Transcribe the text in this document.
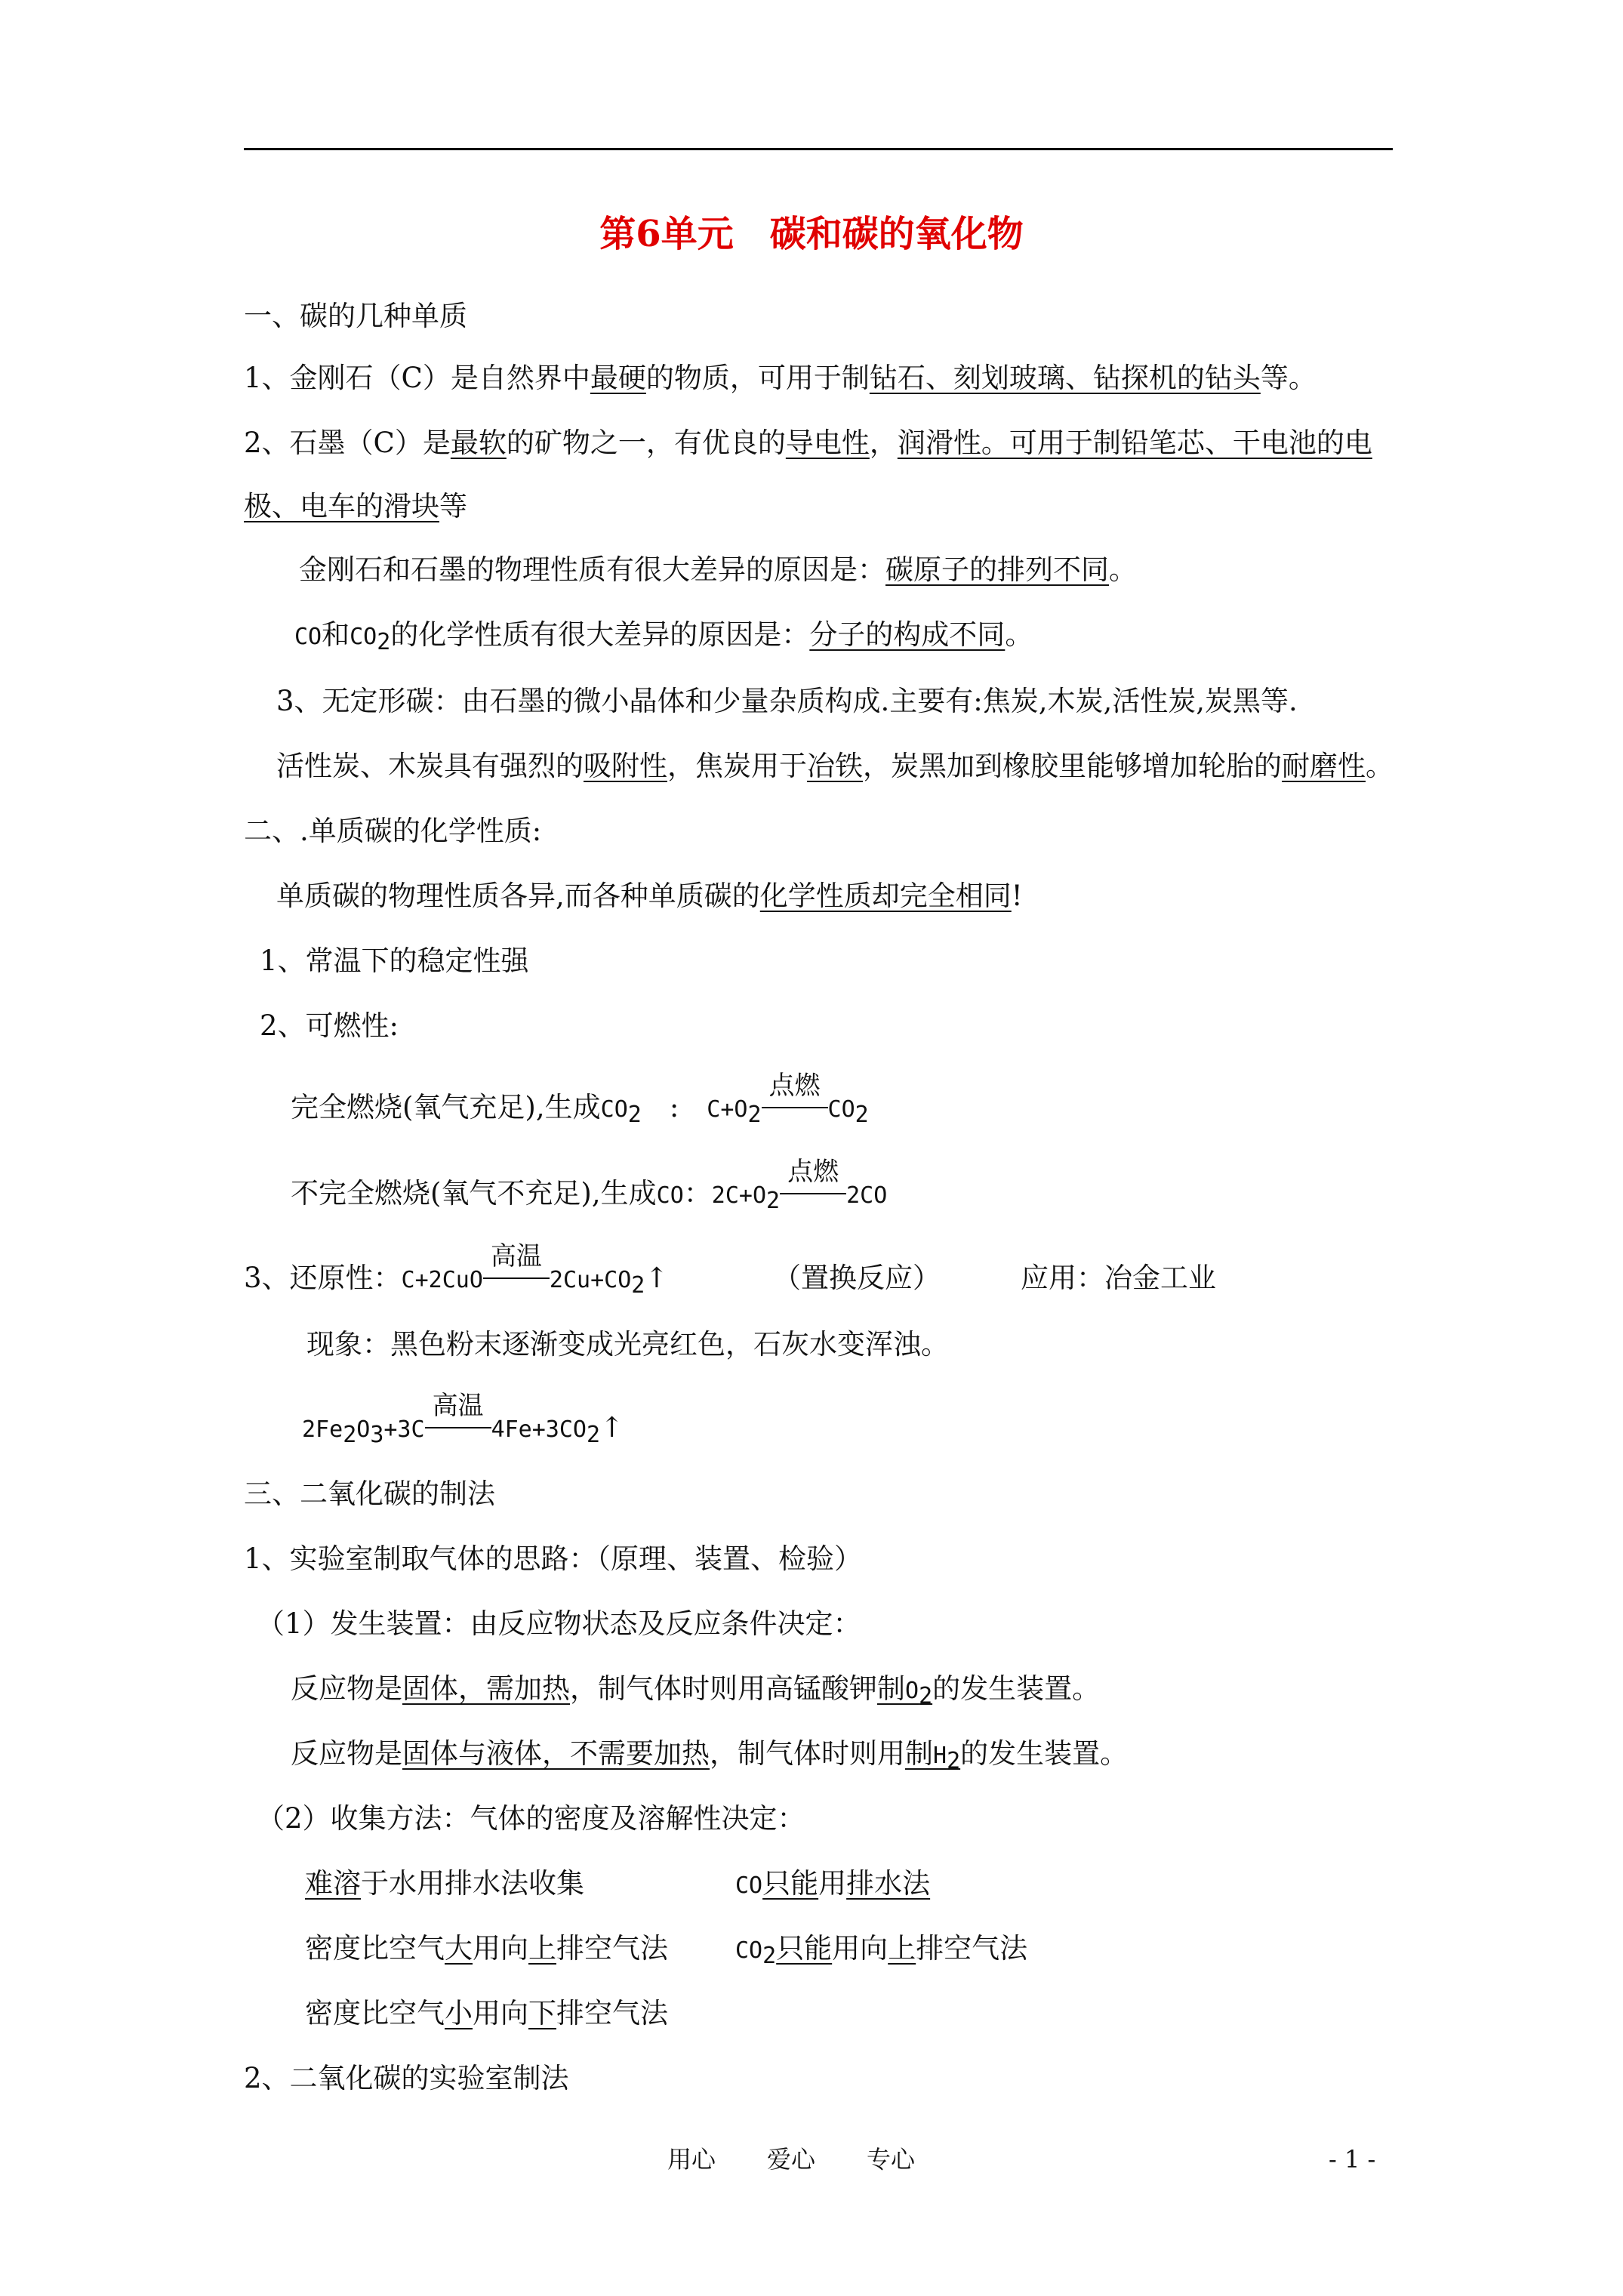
第6单元　碳和碳的氧化物
一、碳的几种单质
1、金刚石（C）是自然界中最硬的物质，可用于制钻石、刻划玻璃、钻探机的钻头等。
2、石墨（C）是最软的矿物之一，有优良的导电性，润滑性。可用于制铅笔芯、干电池的电
极、电车的滑块等
金刚石和石墨的物理性质有很大差异的原因是：碳原子的排列不同。
CO和$CO_2$的化学性质有很大差异的原因是：分子的构成不同。
3、无定形碳：由石墨的微小晶体和少量杂质构成.主要有:焦炭,木炭,活性炭,炭黑等.
活性炭、木炭具有强烈的吸附性，焦炭用于冶铁，炭黑加到橡胶里能够增加轮胎的耐磨性。
二、.单质碳的化学性质:
单质碳的物理性质各异,而各种单质碳的化学性质却完全相同!
1、常温下的稳定性强
2、可燃性:
完全燃烧(氧气充足),生成$CO_2$　:　$C+O_2$
点燃
$CO_2$
不完全燃烧(氧气不充足),生成CO：$2C+O_2$
点燃
2CO
3、还原性：C+2CuO
高温
$2Cu+CO_2↑$	（置换反应）	应用：冶金工业
现象：黑色粉末逐渐变成光亮红色，石灰水变浑浊。
$2Fe_2O_3+3C$
高温
$4Fe+3CO_2↑$
三、二氧化碳的制法
1、实验室制取气体的思路：（原理、装置、检验）
（1）发生装置：由反应物状态及反应条件决定：
反应物是固体，需加热，制气体时则用高锰酸钾制$O_2$的发生装置。
反应物是固体与液体，不需要加热，制气体时则用制$H_2$的发生装置。
（2）收集方法：气体的密度及溶解性决定：
难溶于水用排水法收集	CO只能用排水法
密度比空气大用向上排空气法	$CO_2$只能用向上排空气法
密度比空气小用向下排空气法
2、二氧化碳的实验室制法
用心 爱心 专心	- 1 -
